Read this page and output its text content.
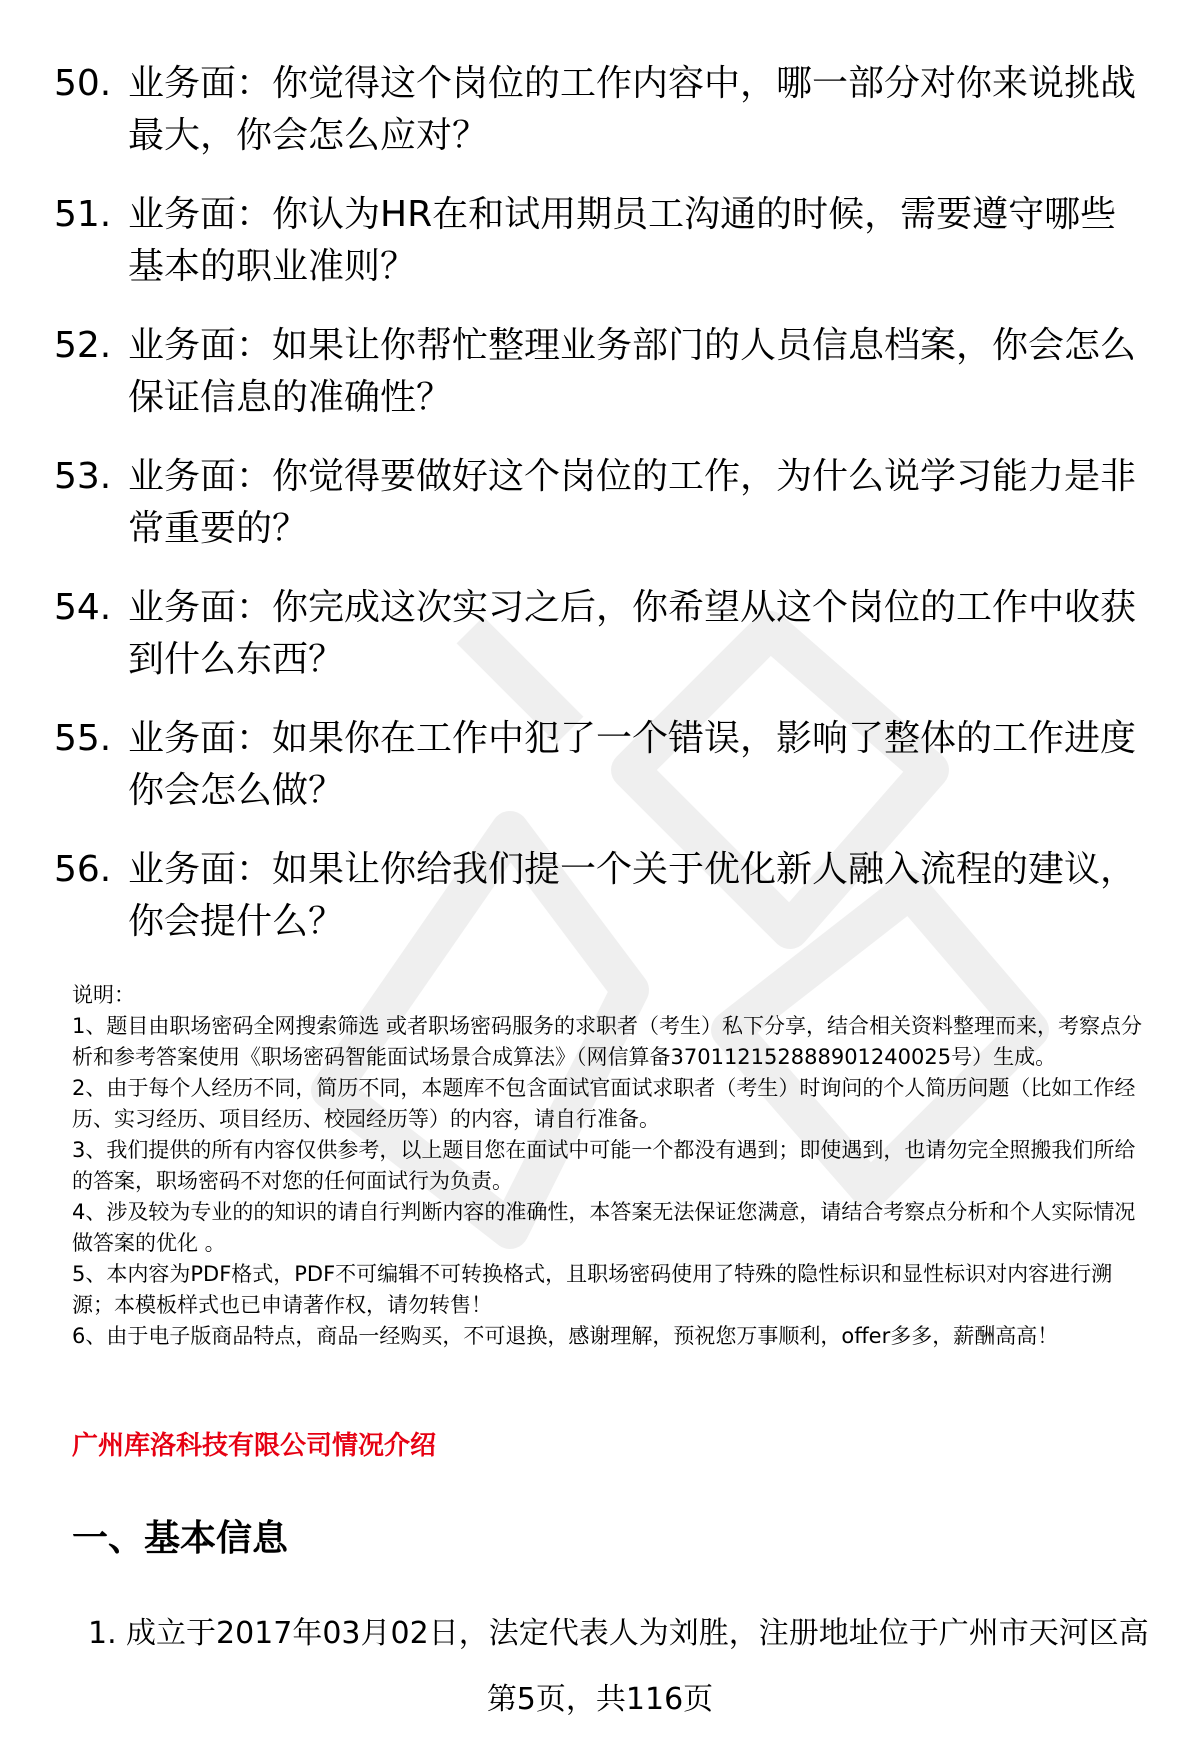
50. 业务面：你觉得这个岗位的工作内容中，哪一部分对你来说挑战最大，你会怎么应对？
51. 业务面：你认为HR在和试用期员工沟通的时候，需要遵守哪些基本的职业准则？
52. 业务面：如果让你帮忙整理业务部门的人员信息档案，你会怎么保证信息的准确性？
53. 业务面：你觉得要做好这个岗位的工作，为什么说学习能力是非常重要的？
54. 业务面：你完成这次实习之后，你希望从这个岗位的工作中收获到什么东西？
55. 业务面：如果你在工作中犯了一个错误，影响了整体的工作进度你会怎么做？
56. 业务面：如果让你给我们提一个关于优化新人融入流程的建议，你会提什么？

说明：

1、题目由职场密码全网搜索筛选 或者职场密码服务的求职者（考生）私下分享，结合相关资料整理而来，考察点分析和参考答案使用《职场密码智能面试场景合成算法》（网信算备370112152888901240025号）生成。

2、由于每个人经历不同，简历不同，本题库不包含面试官面试求职者（考生）时询问的个人简历问题（比如工作经历、实习经历、项目经历、校园经历等）的内容，请自行准备。

3、我们提供的所有内容仅供参考，以上题目您在面试中可能一个都没有遇到；即使遇到，也请勿完全照搬我们所给的答案，职场密码不对您的任何面试行为负责。

4、涉及较为专业的的知识的请自行判断内容的准确性，本答案无法保证您满意，请结合考察点分析和个人实际情况做答案的优化 。

5、本内容为PDF格式，PDF不可编辑不可转换格式，且职场密码使用了特殊的隐性标识和显性标识对内容进行溯源；本模板样式也已申请著作权，请勿转售！

6、由于电子版商品特点，商品一经购买，不可退换，感谢理解，预祝您万事顺利，offer多多，薪酬高高！

广州库洛科技有限公司情况介绍
一、基本信息
1. 成立于2017年03月02日，法定代表人为刘胜，注册地址位于广州市天河区高
第5页，共116页
